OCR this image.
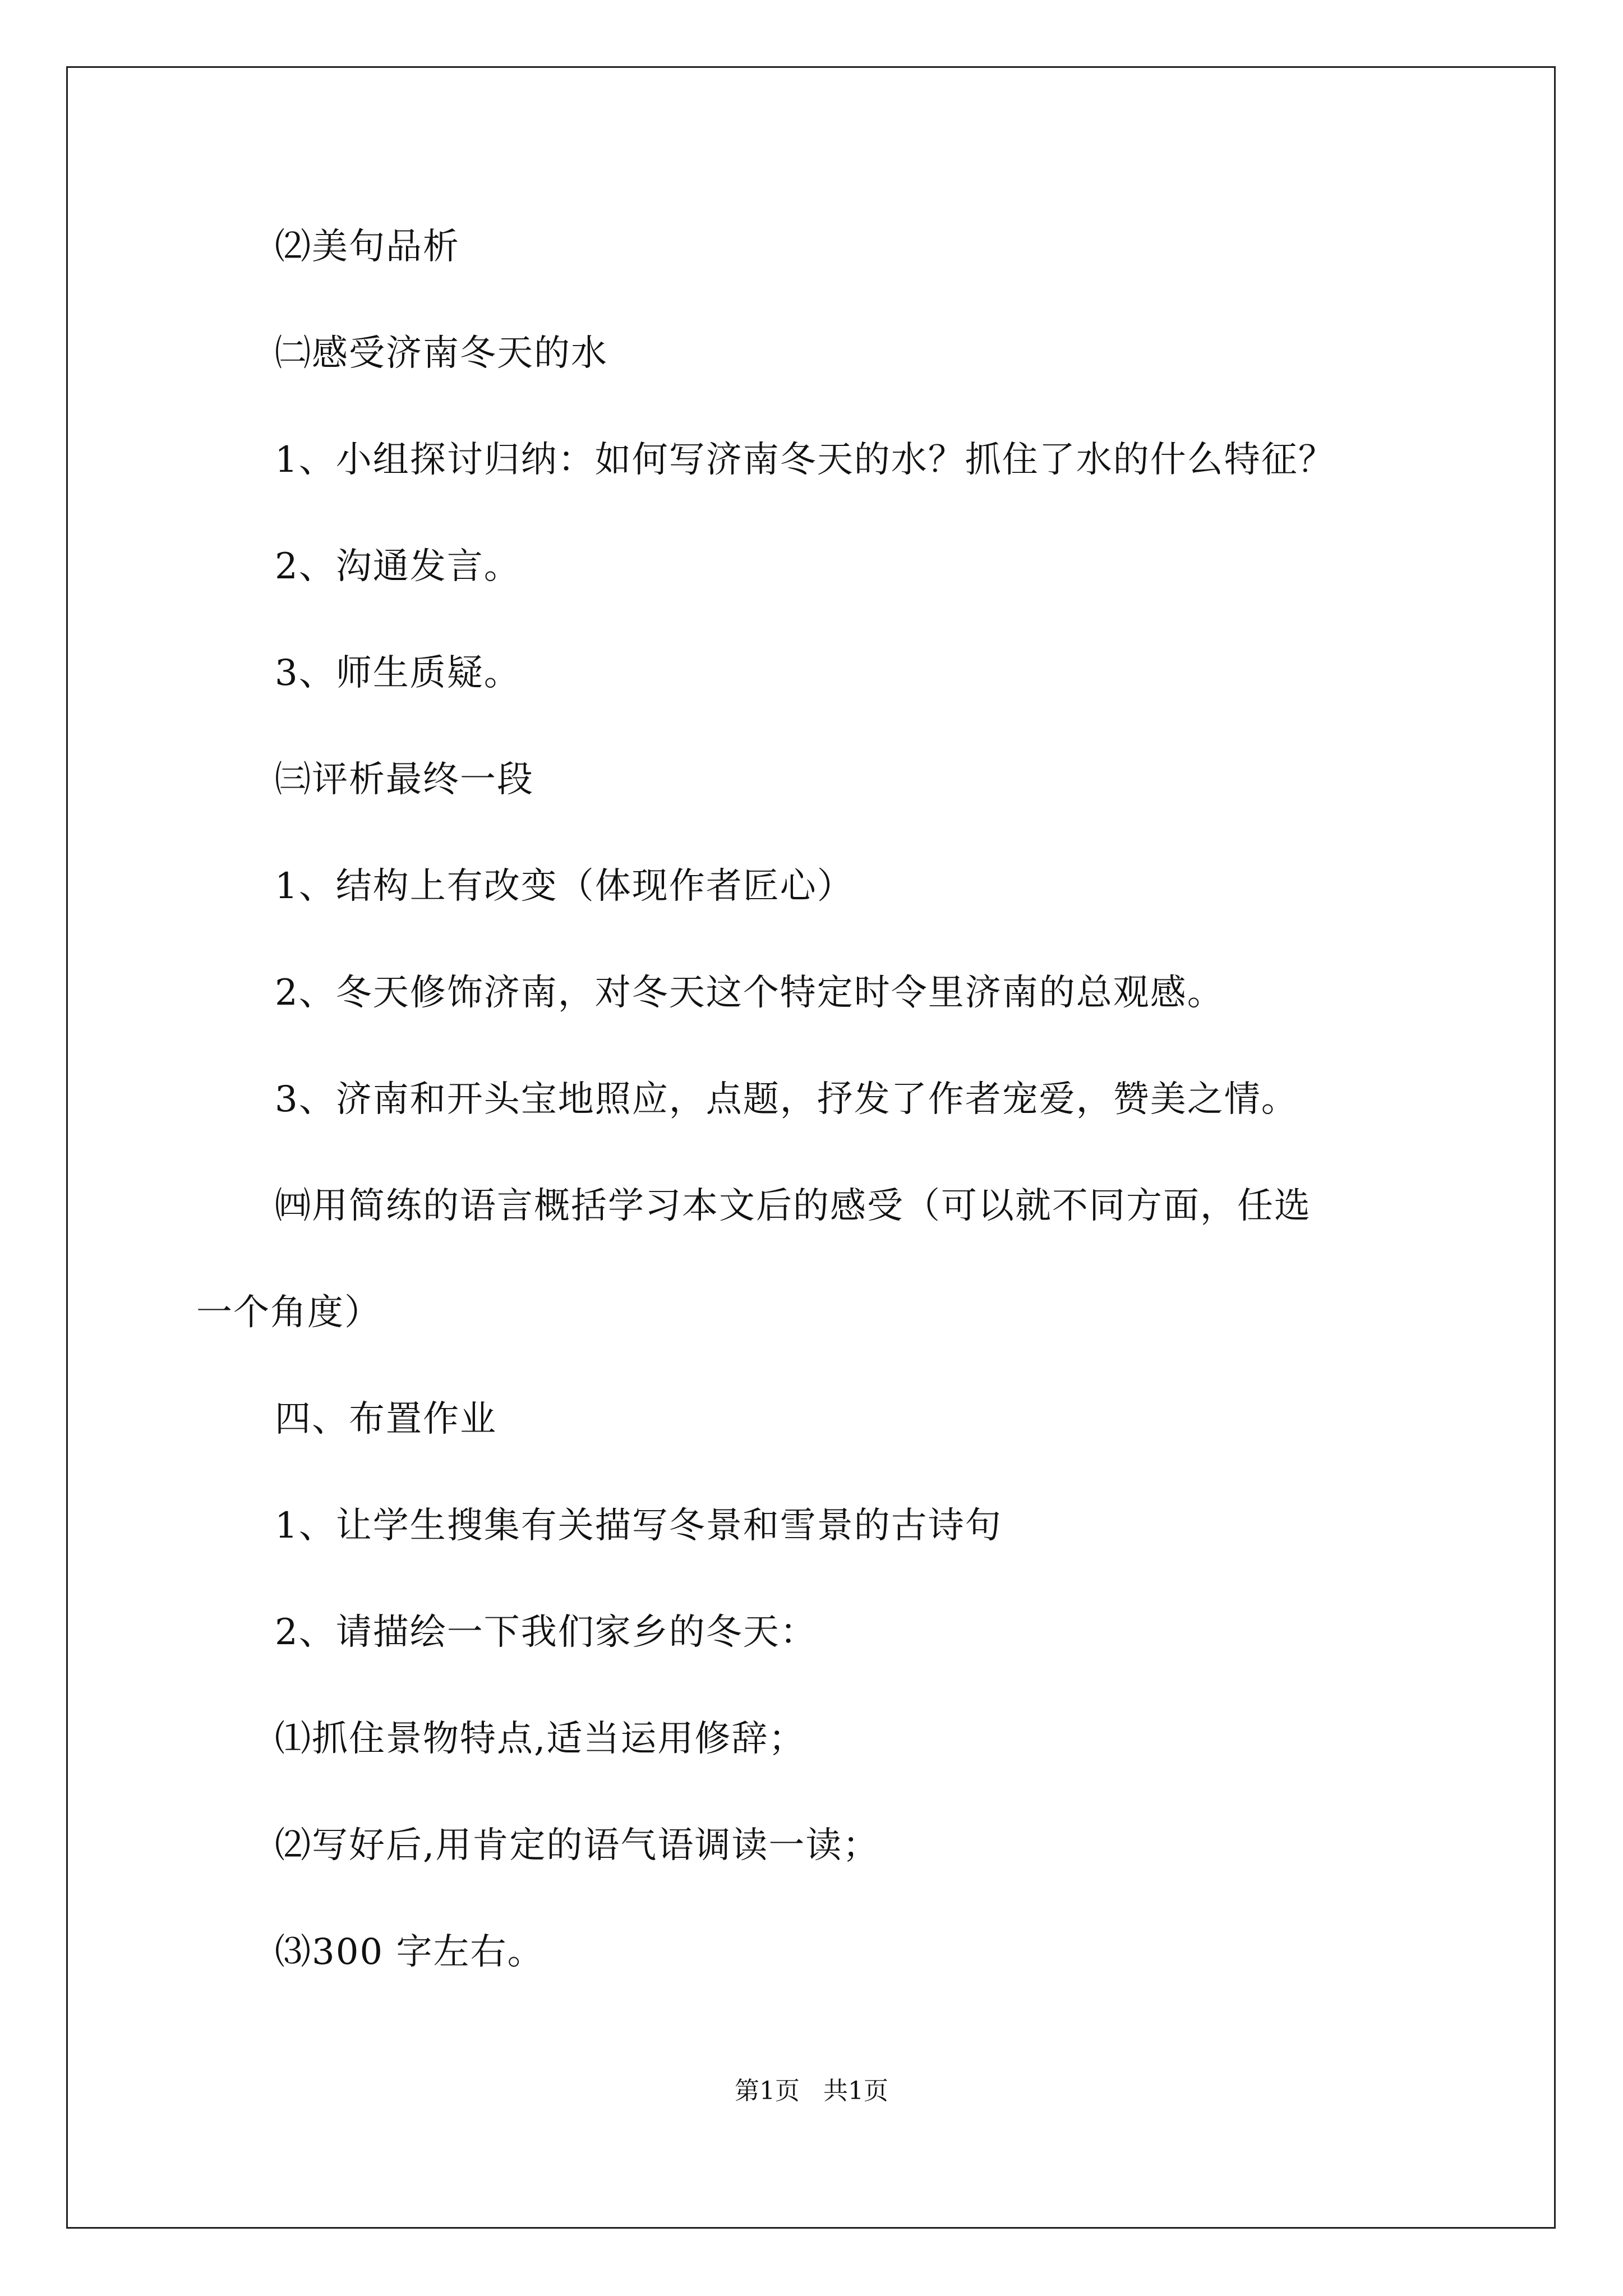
⑵美句品析
㈡感受济南冬天的水
1、小组探讨归纳：如何写济南冬天的水？抓住了水的什么特征？
2、沟通发言。
3、师生质疑。
㈢评析最终一段
1、结构上有改变（体现作者匠心）
2、冬天修饰济南，对冬天这个特定时令里济南的总观感。
3、济南和开头宝地照应，点题，抒发了作者宠爱，赞美之情。
㈣用简练的语言概括学习本文后的感受（可以就不同方面，任选
一个角度）
四、布置作业
1、让学生搜集有关描写冬景和雪景的古诗句
2、请描绘一下我们家乡的冬天：
⑴抓住景物特点,适当运用修辞；
⑵写好后,用肯定的语气语调读一读；
⑶300 字左右。
第1页   共1页
